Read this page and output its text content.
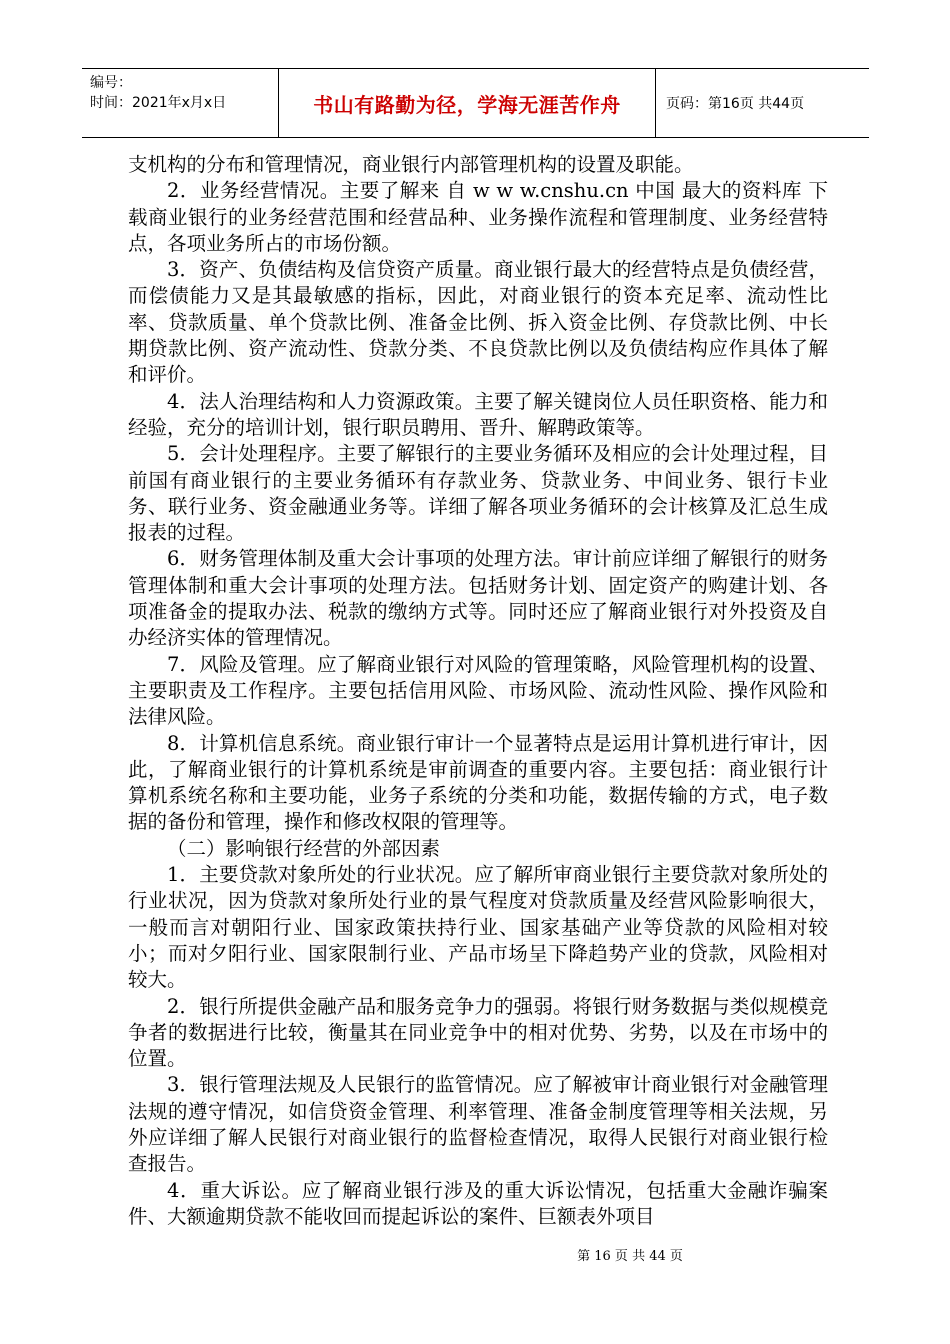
编号：
时间：2021年x月x日	书山有路勤为径，学海无涯苦作舟	页码：第16页 共44页

支机构的分布和管理情况，商业银行内部管理机构的设置及职能。

2．业务经营情况。主要了解来 自 w w w.cnshu.cn 中国 最大的资料库 下载商业银行的业务经营范围和经营品种、业务操作流程和管理制度、业务经营特点，各项业务所占的市场份额。

3．资产、负债结构及信贷资产质量。商业银行最大的经营特点是负债经营，而偿债能力又是其最敏感的指标，因此，对商业银行的资本充足率、流动性比率、贷款质量、单个贷款比例、准备金比例、拆入资金比例、存贷款比例、中长期贷款比例、资产流动性、贷款分类、不良贷款比例以及负债结构应作具体了解和评价。

4．法人治理结构和人力资源政策。主要了解关键岗位人员任职资格、能力和经验，充分的培训计划，银行职员聘用、晋升、解聘政策等。

5．会计处理程序。主要了解银行的主要业务循环及相应的会计处理过程，目前国有商业银行的主要业务循环有存款业务、贷款业务、中间业务、银行卡业务、联行业务、资金融通业务等。详细了解各项业务循环的会计核算及汇总生成报表的过程。

6．财务管理体制及重大会计事项的处理方法。审计前应详细了解银行的财务管理体制和重大会计事项的处理方法。包括财务计划、固定资产的购建计划、各项准备金的提取办法、税款的缴纳方式等。同时还应了解商业银行对外投资及自办经济实体的管理情况。

7．风险及管理。应了解商业银行对风险的管理策略，风险管理机构的设置、主要职责及工作程序。主要包括信用风险、市场风险、流动性风险、操作风险和法律风险。

8．计算机信息系统。商业银行审计一个显著特点是运用计算机进行审计，因此，了解商业银行的计算机系统是审前调查的重要内容。主要包括：商业银行计算机系统名称和主要功能，业务子系统的分类和功能，数据传输的方式，电子数据的备份和管理，操作和修改权限的管理等。

（二）影响银行经营的外部因素

1．主要贷款对象所处的行业状况。应了解所审商业银行主要贷款对象所处的行业状况，因为贷款对象所处行业的景气程度对贷款质量及经营风险影响很大，一般而言对朝阳行业、国家政策扶持行业、国家基础产业等贷款的风险相对较小；而对夕阳行业、国家限制行业、产品市场呈下降趋势产业的贷款，风险相对较大。

2．银行所提供金融产品和服务竞争力的强弱。将银行财务数据与类似规模竞争者的数据进行比较，衡量其在同业竞争中的相对优势、劣势，以及在市场中的位置。

3．银行管理法规及人民银行的监管情况。应了解被审计商业银行对金融管理法规的遵守情况，如信贷资金管理、利率管理、准备金制度管理等相关法规，另外应详细了解人民银行对商业银行的监督检查情况，取得人民银行对商业银行检查报告。

4．重大诉讼。应了解商业银行涉及的重大诉讼情况，包括重大金融诈骗案件、大额逾期贷款不能收回而提起诉讼的案件、巨额表外项目

第 16 页 共 44 页
